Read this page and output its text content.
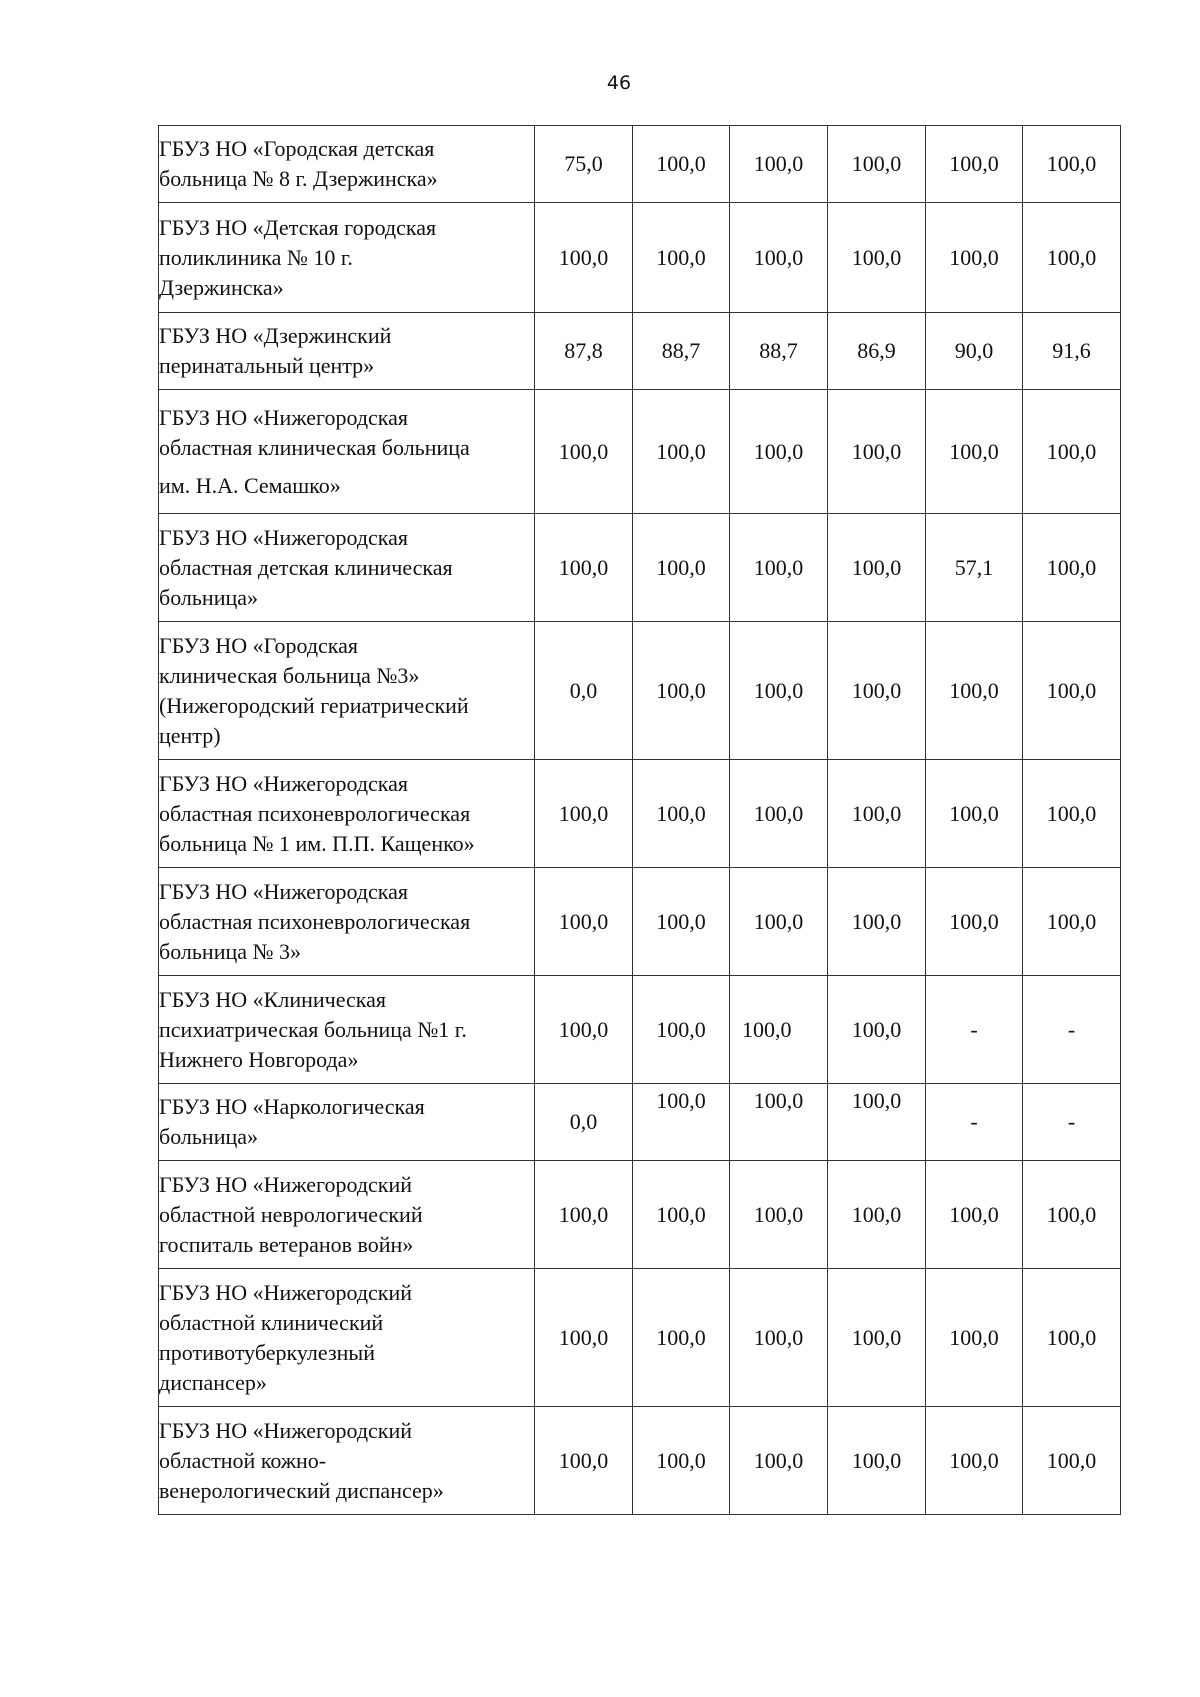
46
ГБУЗ НО «Городская детская
больница № 8 г. Дзержинска»	75,0	100,0	100,0	100,0	100,0	100,0

ГБУЗ НО «Детская городская
поликлиника № 10 г.
Дзержинска»	100,0	100,0	100,0	100,0	100,0	100,0

ГБУЗ НО «Дзержинский
перинатальный центр»	87,8	88,7	88,7	86,9	90,0	91,6

ГБУЗ НО «Нижегородская
областная клиническая больница
им. Н.А. Семашко»	100,0	100,0	100,0	100,0	100,0	100,0

ГБУЗ НО «Нижегородская
областная детская клиническая
больница»	100,0	100,0	100,0	100,0	57,1	100,0

ГБУЗ НО «Городская
клиническая больница №3»
(Нижегородский гериатрический
центр)	0,0	100,0	100,0	100,0	100,0	100,0

ГБУЗ НО «Нижегородская
областная психоневрологическая
больница № 1 им. П.П. Кащенко»	100,0	100,0	100,0	100,0	100,0	100,0

ГБУЗ НО «Нижегородская
областная психоневрологическая
больница № 3»	100,0	100,0	100,0	100,0	100,0	100,0

ГБУЗ НО «Клиническая
психиатрическая больница №1 г.
Нижнего Новгорода»	100,0	100,0	100,0	100,0	-	-

ГБУЗ НО «Наркологическая
больница»	0,0	100,0	100,0	100,0	-	-

ГБУЗ НО «Нижегородский
областной неврологический
госпиталь ветеранов войн»	100,0	100,0	100,0	100,0	100,0	100,0

ГБУЗ НО «Нижегородский
областной клинический
противотуберкулезный
диспансер»	100,0	100,0	100,0	100,0	100,0	100,0

ГБУЗ НО «Нижегородский
областной кожно-
венерологический диспансер»	100,0	100,0	100,0	100,0	100,0	100,0
